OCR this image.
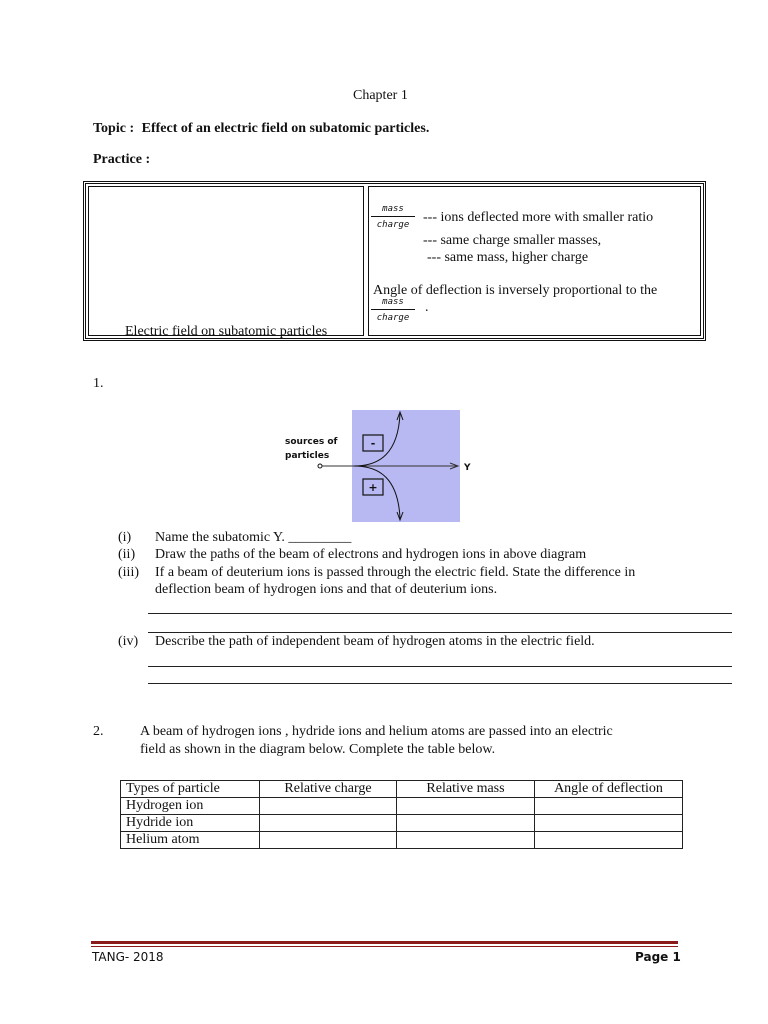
Chapter 1
Topic : Effect of an electric field on subatomic particles.
Practice :
Electric field on subatomic particles
mass
charge --- ions deflected more with smaller ratio
--- same charge smaller masses,
--- same mass, higher charge
Angle of deflection is inversely proportional to the
mass
charge
.
1.
sources of
particles
Y
-
+
(i) Name the subatomic Y. _________
(ii) Draw the paths of the beam of electrons and hydrogen ions in above diagram
(iii) If a beam of deuterium ions is passed through the electric field. State the difference in
deflection beam of hydrogen ions and that of deuterium ions.
(iv) Describe the path of independent beam of hydrogen atoms in the electric field.
2.	A beam of hydrogen ions , hydride ions and helium atoms are passed into an electric
field as shown in the diagram below. Complete the table below.
Types of particle	Relative charge	Relative mass	Angle of deflection
Hydrogen ion			
Hydride ion			
Helium atom			
TANG- 2018	Page 1
